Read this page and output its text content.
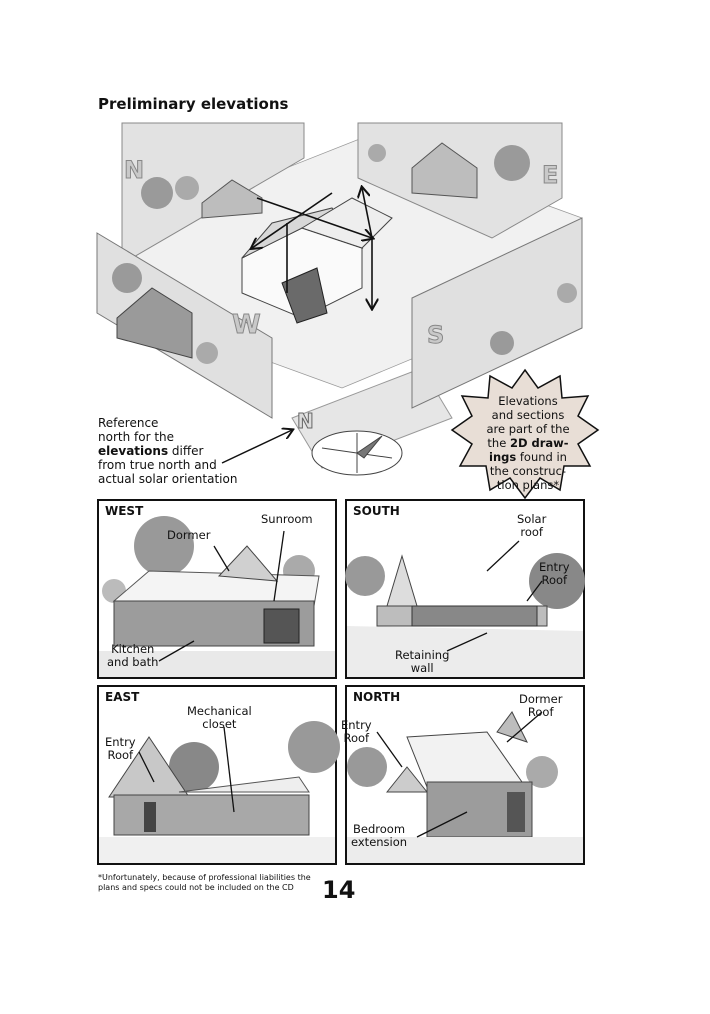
Preliminary elevations
N	E
W	S
N
Reference
north for the
elevations differ
from true north and
actual solar orientation
Elevations
and sections
are part of the
the 2D draw-
ings found in
the construc-
tion plans*
WEST
Sunroom
Dormer
Kitchen
and bath
SOUTH
Solar
roof
Entry
Roof
Retaining
wall
EAST
Mechanical
closet
Entry
Roof
NORTH	Dormer
Roof
Entry
Roof
Bedroom
extension
*Unfortunately, because of professional liabilities the plans and specs could not be included on the CD	14
